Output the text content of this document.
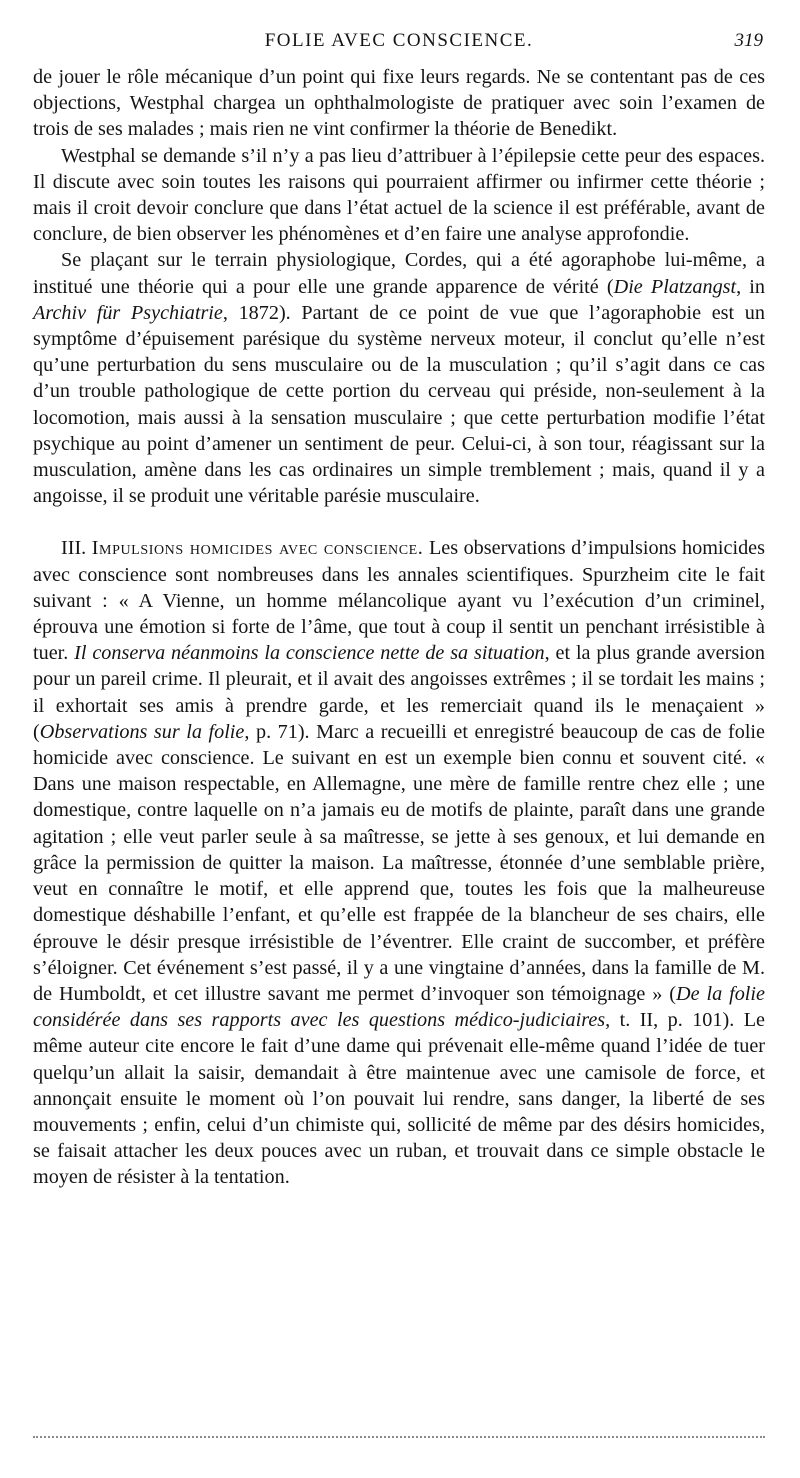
FOLIE AVEC CONSCIENCE.	319

de jouer le rôle mécanique d’un point qui fixe leurs regards. Ne se contentant pas de ces objections, Westphal chargea un ophthalmologiste de pratiquer avec soin l’examen de trois de ses malades ; mais rien ne vint confirmer la théorie de Benedikt.

Westphal se demande s’il n’y a pas lieu d’attribuer à l’épilepsie cette peur des espaces. Il discute avec soin toutes les raisons qui pourraient affirmer ou infirmer cette théorie ; mais il croit devoir conclure que dans l’état actuel de la science il est préférable, avant de conclure, de bien observer les phénomènes et d’en faire une analyse approfondie.

Se plaçant sur le terrain physiologique, Cordes, qui a été agoraphobe lui-même, a institué une théorie qui a pour elle une grande apparence de vérité (Die Platzangst, in Archiv für Psychiatrie, 1872). Partant de ce point de vue que l’agoraphobie est un symptôme d’épuisement parésique du système nerveux moteur, il conclut qu’elle n’est qu’une perturbation du sens musculaire ou de la musculation ; qu’il s’agit dans ce cas d’un trouble pathologique de cette portion du cerveau qui préside, non-seulement à la locomotion, mais aussi à la sensation musculaire ; que cette perturbation modifie l’état psychique au point d’amener un sentiment de peur. Celui-ci, à son tour, réagissant sur la musculation, amène dans les cas ordinaires un simple tremblement ; mais, quand il y a angoisse, il se produit une véritable parésie musculaire.

III. Impulsions homicides avec conscience. Les observations d’impulsions homicides avec conscience sont nombreuses dans les annales scientifiques. Spurzheim cite le fait suivant : « A Vienne, un homme mélancolique ayant vu l’exécution d’un criminel, éprouva une émotion si forte de l’âme, que tout à coup il sentit un penchant irrésistible à tuer. Il conserva néanmoins la conscience nette de sa situation, et la plus grande aversion pour un pareil crime. Il pleurait, et il avait des angoisses extrêmes ; il se tordait les mains ; il exhortait ses amis à prendre garde, et les remerciait quand ils le menaçaient » (Observations sur la folie, p. 71). Marc a recueilli et enregistré beaucoup de cas de folie homicide avec conscience. Le suivant en est un exemple bien connu et souvent cité. « Dans une maison respectable, en Allemagne, une mère de famille rentre chez elle ; une domestique, contre laquelle on n’a jamais eu de motifs de plainte, paraît dans une grande agitation ; elle veut parler seule à sa maîtresse, se jette à ses genoux, et lui demande en grâce la permission de quitter la maison. La maîtresse, étonnée d’une semblable prière, veut en connaître le motif, et elle apprend que, toutes les fois que la malheureuse domestique déshabille l’enfant, et qu’elle est frappée de la blancheur de ses chairs, elle éprouve le désir presque irrésistible de l’éventrer. Elle craint de succomber, et préfère s’éloigner. Cet événement s’est passé, il y a une vingtaine d’années, dans la famille de M. de Humboldt, et cet illustre savant me permet d’invoquer son témoignage » (De la folie considérée dans ses rapports avec les questions médico-judiciaires, t. II, p. 101). Le même auteur cite encore le fait d’une dame qui prévenait elle-même quand l’idée de tuer quelqu’un allait la saisir, demandait à être maintenue avec une camisole de force, et annonçait ensuite le moment où l’on pouvait lui rendre, sans danger, la liberté de ses mouvements ; enfin, celui d’un chimiste qui, sollicité de même par des désirs homicides, se faisait attacher les deux pouces avec un ruban, et trouvait dans ce simple obstacle le moyen de résister à la tentation.
